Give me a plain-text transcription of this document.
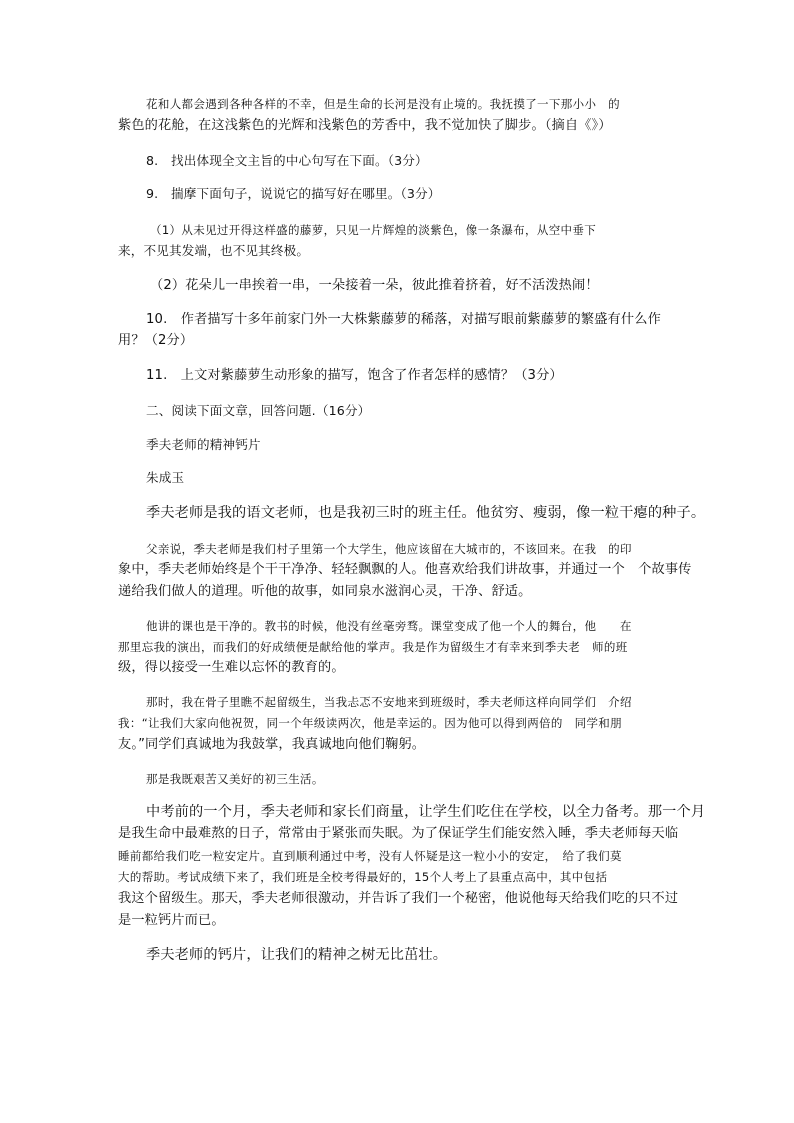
花和人都会遇到各种各样的不幸，但是生命的长河是没有止境的。我抚摸了一下那小小　的

紫色的花舱，在这浅紫色的光辉和浅紫色的芳香中，我不觉加快了脚步。（摘自《》）

8.　找出体现全文主旨的中心句写在下面。（3分）

9.　揣摩下面句子，说说它的描写好在哪里。（3分）

（1）从未见过开得这样盛的藤萝，只见一片辉煌的淡紫色，像一条瀑布，从空中垂下

来，不见其发端，也不见其终极。

（2）花朵儿一串挨着一串，一朵接着一朵，彼此推着挤着，好不活泼热闹！

10.　作者描写十多年前家门外一大株紫藤萝的稀落，对描写眼前紫藤萝的繁盛有什么作

用？（2分）

11.　上文对紫藤萝生动形象的描写，饱含了作者怎样的感情？（3分）

二、阅读下面文章，回答问题.（16分）

季夫老师的精神钙片

朱成玉

季夫老师是我的语文老师，也是我初三时的班主任。他贫穷、瘦弱，像一粒干瘪的种子。

父亲说，季夫老师是我们村子里第一个大学生，他应该留在大城市的，不该回来。在我　的印

象中，季夫老师始终是个干干净净、轻轻飘飘的人。他喜欢给我们讲故事，并通过一个　个故事传

递给我们做人的道理。听他的故事，如同泉水滋润心灵，干净、舒适。

他讲的课也是干净的。教书的时候，他没有丝毫旁骛。课堂变成了他一个人的舞台，他　　在

那里忘我的演出，而我们的好成绩便是献给他的掌声。我是作为留级生才有幸来到季夫老　师的班

级，得以接受一生难以忘怀的教育的。

那时，我在骨子里瞧不起留级生，当我忐忑不安地来到班级时，季夫老师这样向同学们　介绍

我：“让我们大家向他祝贺，同一个年级读两次，他是幸运的。因为他可以得到两倍的　同学和朋

友。”同学们真诚地为我鼓掌，我真诚地向他们鞠躬。

那是我既艰苦又美好的初三生活。

中考前的一个月，季夫老师和家长们商量，让学生们吃住在学校，以全力备考。那一个月

是我生命中最难熬的日子，常常由于紧张而失眠。为了保证学生们能安然入睡，季夫老师每天临

睡前都给我们吃一粒安定片。直到顺利通过中考，没有人怀疑是这一粒小小的安定，　给了我们莫

大的帮助。考试成绩下来了，我们班是全校考得最好的，15个人考上了县重点高中，其中包括

我这个留级生。那天，季夫老师很激动，并告诉了我们一个秘密，他说他每天给我们吃的只不过

是一粒钙片而已。

季夫老师的钙片，让我们的精神之树无比茁壮。
